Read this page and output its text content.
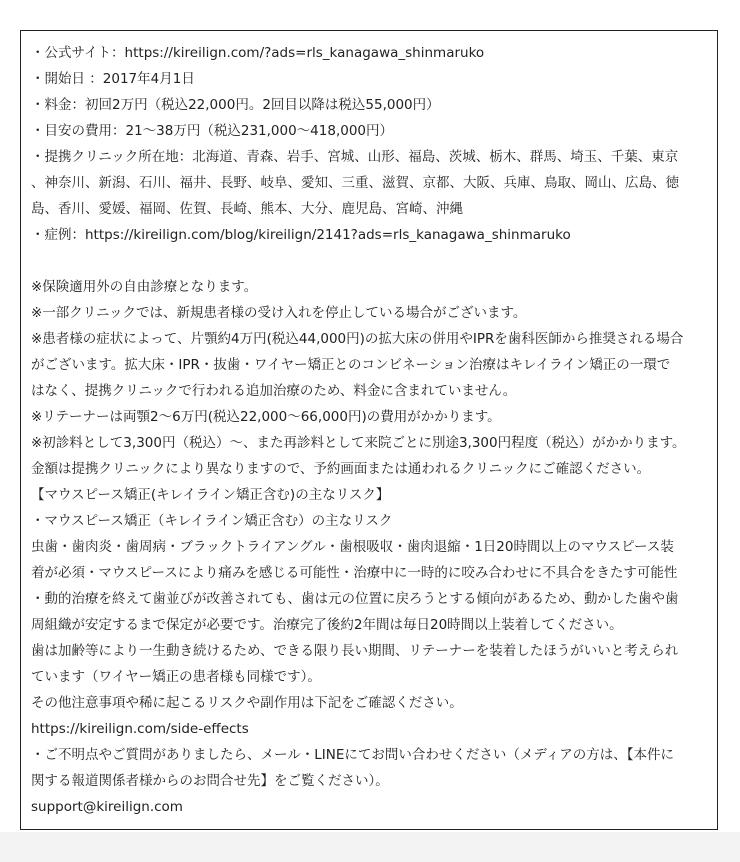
・公式サイト：https://kireilign.com/?ads=rls_kanagawa_shinmaruko
・開始日 ：2017年4月1日
・料金：初回2万円（税込22,000円。2回目以降は税込55,000円）
・目安の費用：21〜38万円（税込231,000〜418,000円）
・提携クリニック所在地：北海道、青森、岩手、宮城、山形、福島、茨城、栃木、群馬、埼玉、千葉、東京
、神奈川、新潟、石川、福井、長野、岐阜、愛知、三重、滋賀、京都、大阪、兵庫、鳥取、岡山、広島、徳
島、香川、愛媛、福岡、佐賀、長崎、熊本、大分、鹿児島、宮崎、沖縄
・症例：https://kireilign.com/blog/kireilign/2141?ads=rls_kanagawa_shinmaruko
※保険適用外の自由診療となります。
※一部クリニックでは、新規患者様の受け入れを停止している場合がございます。
※患者様の症状によって、片顎約4万円(税込44,000円)の拡大床の併用やIPRを歯科医師から推奨される場合
がございます。拡大床・IPR・抜歯・ワイヤー矯正とのコンビネーション治療はキレイライン矯正の一環で
はなく、提携クリニックで行われる追加治療のため、料金に含まれていません。
※リテーナーは両顎2〜6万円(税込22,000〜66,000円)の費用がかかります。
※初診料として3,300円（税込）〜、また再診料として来院ごとに別途3,300円程度（税込）がかかります。
金額は提携クリニックにより異なりますので、予約画面または通われるクリニックにご確認ください。
【マウスピース矯正(キレイライン矯正含む)の主なリスク】
・マウスピース矯正（キレイライン矯正含む）の主なリスク
虫歯・歯肉炎・歯周病・ブラックトライアングル・歯根吸収・歯肉退縮・1日20時間以上のマウスピース装
着が必須・マウスピースにより痛みを感じる可能性・治療中に一時的に咬み合わせに不具合をきたす可能性
・動的治療を終えて歯並びが改善されても、歯は元の位置に戻ろうとする傾向があるため、動かした歯や歯
周組織が安定するまで保定が必要です。治療完了後約2年間は毎日20時間以上装着してください。
歯は加齢等により一生動き続けるため、できる限り長い期間、リテーナーを装着したほうがいいと考えられ
ています（ワイヤー矯正の患者様も同様です）。
その他注意事項や稀に起こるリスクや副作用は下記をご確認ください。
https://kireilign.com/side-effects
・ご不明点やご質問がありましたら、メール・LINEにてお問い合わせください（メディアの方は、【本件に
関する報道関係者様からのお問合せ先】をご覧ください）。
support@kireilign.com
